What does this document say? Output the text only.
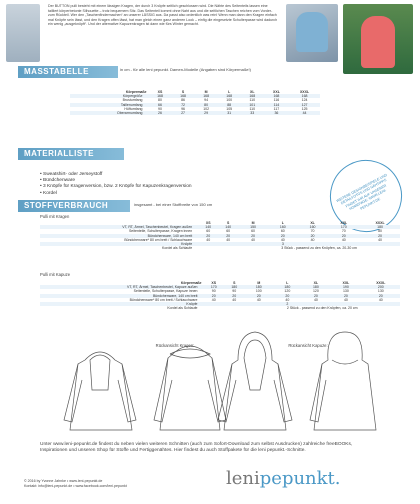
Der BUTTON pulli besteht mit einem lässigen Kragen, der durch 3 Knöpfe seitlich geschlossen wird. Die Nähte des Seitenteils lassen eine tailliert körperbetonte Silhouette – trotz bequemem Sitz. Das Seitenteil kommt ohne Naht aus und die seitlichen Taschen reichen vom Vorder- zum Rückteil. Wer den „Taschenfindermachen“ an unserer LÄSSIG aus. Da passt also ordentlich was rein! Wenn man dann den Kragen einfach mal Knöpfe sein lässt, und den Kragen offen lässt, hat man gleich einen ganz anderen Look – einfig die eingesetzte Schulterpasse wird dadurch ein wenig „ausgeknöpft“. Und der alternative Kapuzenkragen ist dann wie fürs Winter gemacht.
MASSTABELLE	in cm - für alle leni pepunkt. Damen-Modelle (Angaben sind Körpermaße!)
Körpermaße	XS	S	M	L	XL	XXL	XXXL
Körpergröße	168	168	168	168	168	168	168
Brustumfang	80	86	94	100	110	116	124
Taillenumfang	66	72	80	88	101	114	127
Hüftumfang	90	96	102	105	110	117	125
Oberarmumfang	26	27	29	31	33	36	44
MATERIALLISTE
• Sweatshirt- oder Jerseystoff
• Bündchenware
• 3 Knöpfe für Kragenversion, bzw. 2 Knöpfe für Kapuzenkragenversion
• Kordel	WEITERE DESIGNBEISPIELE UND DETAILFOTOS UND NÄHTIPPS FINDET IHR AUF UNSERER HOMEPAGE: WWW.LENI-PEPUNKT.DE
STOFFVERBRAUCH	insgesamt - bei einer Stoffbreite von 150 cm
Pulli mit Kragen
	XS	S	M	L	XL	XXL	XXXL
VT, RT, Ärmel, Taschenbeutel, Kragen außen	140	140	150	160	160	170	180
Seitenteile, Schulterpasse, Kragen innen	60	60	60	60	70	70	80
Bündchenware, 140 cm breit	20	20	20	20	20	20	20
Bündchenware* 80 cm breit / Schlauchware	40	40	40	40	40	40	40
Knöpfe				3			
Kordel als Schlaufe			3 Stück - passend zu den Knöpfen, ca. 20-30 cm				
Pulli mit Kapuze
Körpermaße	XS	S	M	L	XL	XXL	XXXL
VT, RT, Ärmel, Taschenbeutel, Kapuze außen	170	180	180	180	180	190	200
Seitenteile, Schulterpasse, Kapuze innen	90	90	100	120	120	130	130
Bündchenware, 140 cm breit	20	20	20	20	20	20	20
Bündchenware* 80 cm breit / Schlauchware	40	40	40	40	40	40	40
Knöpfe				2			
Kordel als Schlaufe			2 Stück - passend zu den Knöpfen, ca. 20 cm				
Rückansicht Kragen:	Rückansicht Kapuze:
Unter www.leni-pepunkt.de findest du neben vielen weiteren Schnitten (auch zum Sofort-Download zum selbst Ausdrucken) zahlreiche freeBOOKs, Inspirationen und unseren Shop für Stoffe und Fertiggenähtes. Hier findest du auch Stoffpakete für die leni pepunkt.-Schnitte.
© 2016 by Yvonne Jahnke • www.leni-pepunkt.de
Kontakt: info@leni-pepunkt.de • www.facebook.com/leni.pepunkt	lenipepunkt.
